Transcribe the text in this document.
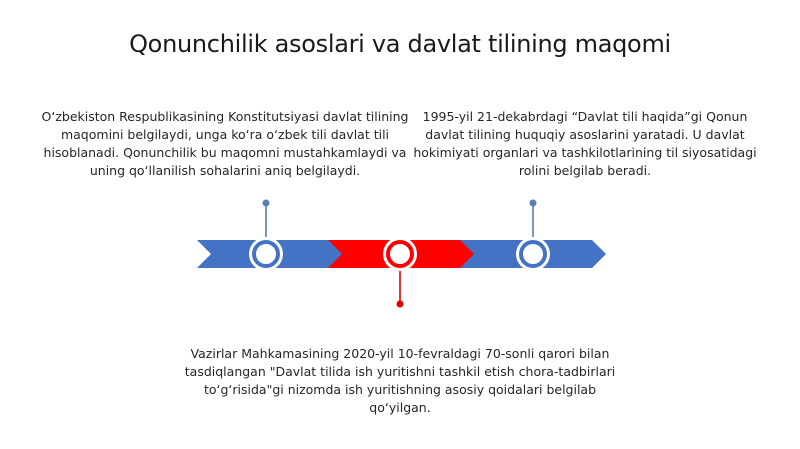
Qonunchilik asoslari va davlat tilining maqomi
O‘zbekiston Respublikasining Konstitutsiyasi davlat tilining maqomini belgilaydi, unga ko‘ra o‘zbek tili davlat tili hisoblanadi. Qonunchilik bu maqomni mustahkamlaydi va uning qo‘llanilish sohalarini aniq belgilaydi.
1995-yil 21-dekabrdagi “Davlat tili haqida”gi Qonun davlat tilining huquqiy asoslarini yaratadi. U davlat hokimiyati organlari va tashkilotlarining til siyosatidagi rolini belgilab beradi.
Vazirlar Mahkamasining 2020-yil 10-fevraldagi 70-sonli qarori bilan tasdiqlangan "Davlat tilida ish yuritishni tashkil etish chora-tadbirlari to‘g‘risida"gi nizomda ish yuritishning asosiy qoidalari belgilab qo‘yilgan.
